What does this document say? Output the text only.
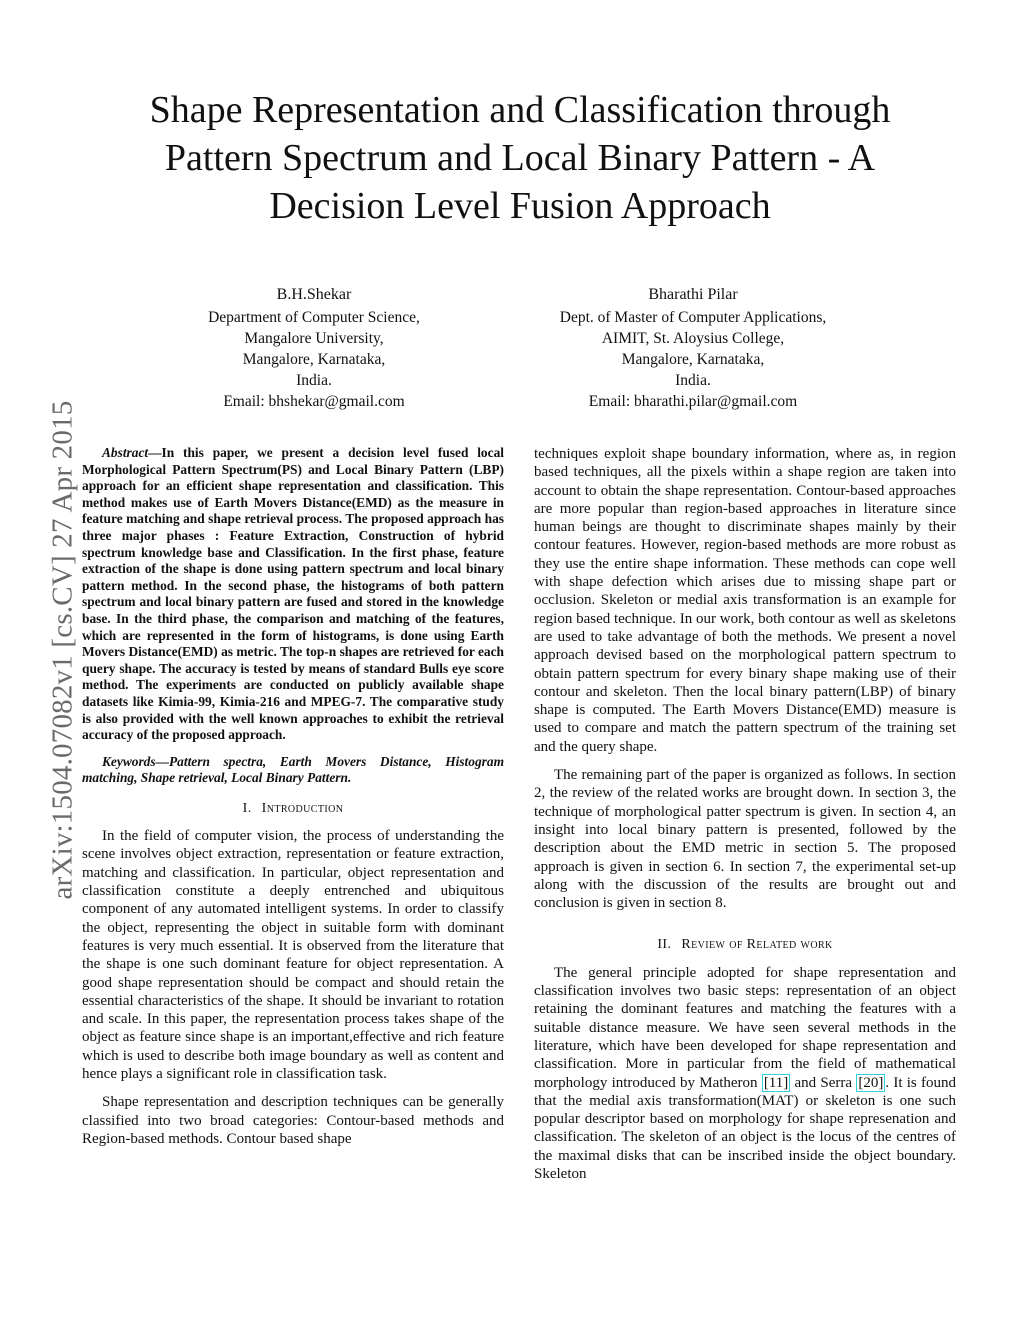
arXiv:1504.07082v1 [cs.CV] 27 Apr 2015
Shape Representation and Classification through Pattern Spectrum and Local Binary Pattern - A Decision Level Fusion Approach
B.H.Shekar
Department of Computer Science,
Mangalore University,
Mangalore, Karnataka,
India.
Email: bhshekar@gmail.com
Bharathi Pilar
Dept. of Master of Computer Applications,
AIMIT, St. Aloysius College,
Mangalore, Karnataka,
India.
Email: bharathi.pilar@gmail.com

Abstract—In this paper, we present a decision level fused local Morphological Pattern Spectrum(PS) and Local Binary Pattern (LBP) approach for an efficient shape representation and classification. This method makes use of Earth Movers Distance(EMD) as the measure in feature matching and shape retrieval process. The proposed approach has three major phases : Feature Extraction, Construction of hybrid spectrum knowledge base and Classification. In the first phase, feature extraction of the shape is done using pattern spectrum and local binary pattern method. In the second phase, the histograms of both pattern spectrum and local binary pattern are fused and stored in the knowledge base. In the third phase, the comparison and matching of the features, which are represented in the form of histograms, is done using Earth Movers Distance(EMD) as metric. The top-n shapes are retrieved for each query shape. The accuracy is tested by means of standard Bulls eye score method. The experiments are conducted on publicly available shape datasets like Kimia-99, Kimia-216 and MPEG-7. The comparative study is also provided with the well known approaches to exhibit the retrieval accuracy of the proposed approach.

Keywords—Pattern spectra, Earth Movers Distance, Histogram matching, Shape retrieval, Local Binary Pattern.

I. Introduction

In the field of computer vision, the process of understanding the scene involves object extraction, representation or feature extraction, matching and classification. In particular, object representation and classification constitute a deeply entrenched and ubiquitous component of any automated intelligent systems. In order to classify the object, representing the object in suitable form with dominant features is very much essential. It is observed from the literature that the shape is one such dominant feature for object representation. A good shape representation should be compact and should retain the essential characteristics of the shape. It should be invariant to rotation and scale. In this paper, the representation process takes shape of the object as feature since shape is an important,effective and rich feature which is used to describe both image boundary as well as content and hence plays a significant role in classification task.

Shape representation and description techniques can be generally classified into two broad categories: Contour-based methods and Region-based methods. Contour based shape

techniques exploit shape boundary information, where as, in region based techniques, all the pixels within a shape region are taken into account to obtain the shape representation. Contour-based approaches are more popular than region-based approaches in literature since human beings are thought to discriminate shapes mainly by their contour features. However, region-based methods are more robust as they use the entire shape information. These methods can cope well with shape defection which arises due to missing shape part or occlusion. Skeleton or medial axis transformation is an example for region based technique. In our work, both contour as well as skeletons are used to take advantage of both the methods. We present a novel approach devised based on the morphological pattern spectrum to obtain pattern spectrum for every binary shape making use of their contour and skeleton. Then the local binary pattern(LBP) of binary shape is computed. The Earth Movers Distance(EMD) measure is used to compare and match the pattern spectrum of the training set and the query shape.

The remaining part of the paper is organized as follows. In section 2, the review of the related works are brought down. In section 3, the technique of morphological patter spectrum is given. In section 4, an insight into local binary pattern is presented, followed by the description about the EMD metric in section 5. The proposed approach is given in section 6. In section 7, the experimental set-up along with the discussion of the results are brought out and conclusion is given in section 8.

II. Review of Related work

The general principle adopted for shape representation and classification involves two basic steps: representation of an object retaining the dominant features and matching the features with a suitable distance measure. We have seen several methods in the literature, which have been developed for shape representation and classification. More in particular from the field of mathematical morphology introduced by Matheron [11] and Serra [20] . It is found that the medial axis transformation(MAT) or skeleton is one such popular descriptor based on morphology for shape represenation and classification. The skeleton of an object is the locus of the centres of the maximal disks that can be inscribed inside the object boundary. Skeleton
